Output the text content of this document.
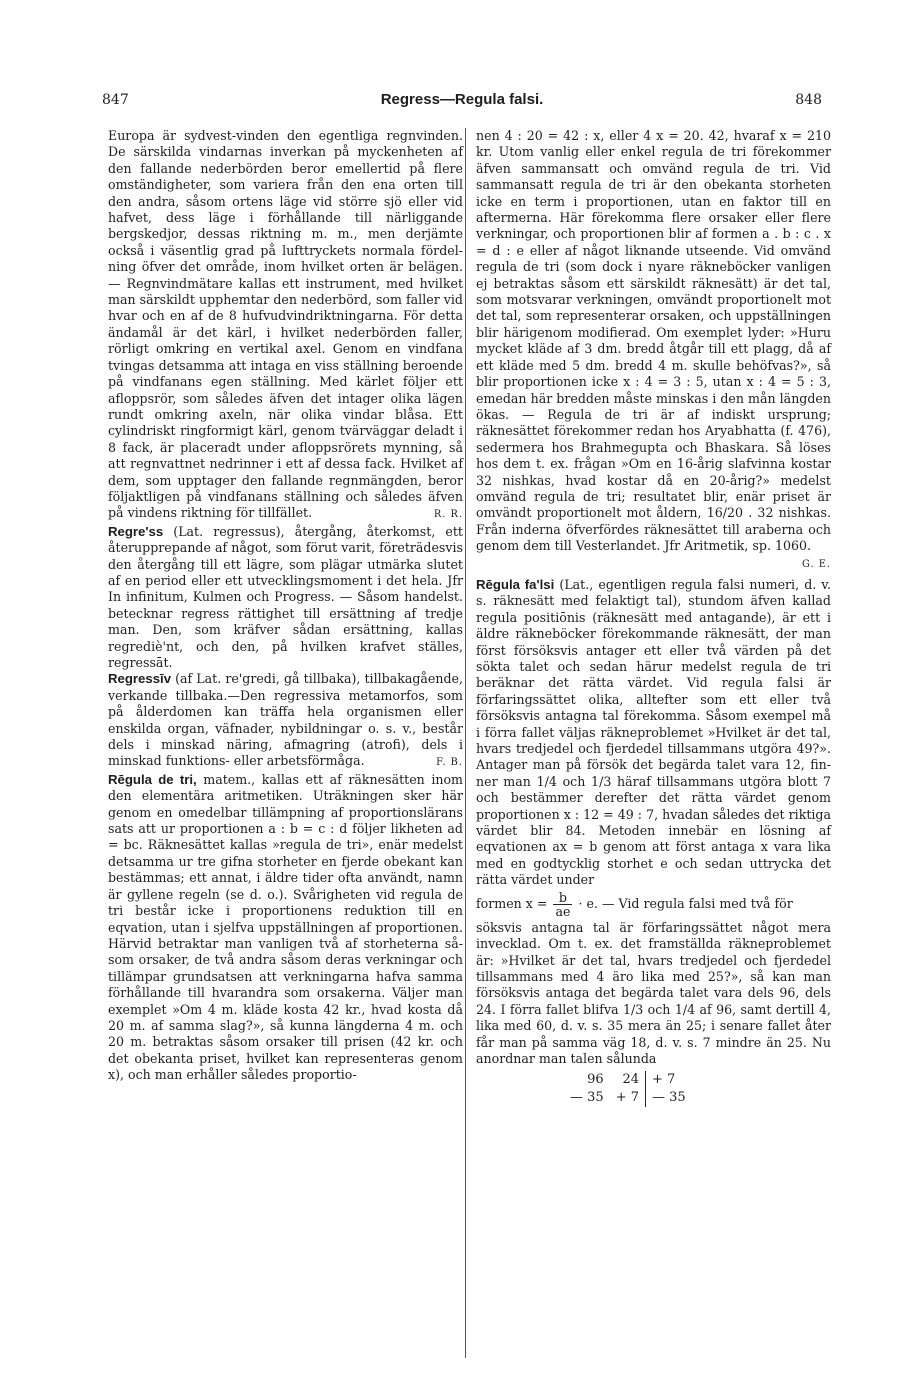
847	Regress—Regula falsi.	848

Europa är sydvest-vinden den egentliga regnvinden. De särskilda vindarnas inverkan på myckenheten af den fallande nederbörden beror emellertid på flere omständigheter, som variera från den ena orten till den andra, såsom ortens läge vid större sjö eller vid hafvet, dess läge i förhållande till närliggande bergskedjor, dessas riktning m. m., men derjämte också i väsentlig grad på lufttryckets normala fördelning öfver det område, inom hvilket orten är belägen. — Regnvindmätare kallas ett instrument, med hvilket man särskildt upphemtar den nederbörd, som faller vid hvar och en af de 8 hufvudvindriktningarna. För detta ändamål är det kärl, i hvilket nederbörden faller, rörligt omkring en vertikal axel. Genom en vindfana tvingas detsamma att intaga en viss ställning beroende på vindfanans egen ställning. Med kärlet följer ett afloppsrör, som således äfven det intager olika lägen rundt omkring axeln, när olika vindar blåsa. Ett cylindriskt ringformigt kärl, genom tvärväggar deladt i 8 fack, är placeradt under afloppsrörets mynning, så att regnvattnet nedrinner i ett af dessa fack. Hvilket af dem, som upptager den fallande regnmängden, beror följaktligen på vindfanans ställning och således äfven på vindens riktning för tillfället.	R. R.

Regre'ss (Lat. regressus), återgång, återkomst, ett återupprepande af något, som förut varit, företrädesvis den återgång till ett lägre, som plägar utmärka slutet af en period eller ett utvecklingsmoment i det hela. Jfr In infinitum, Kulmen och Progress. — Såsom handelst. betecknar regress rättighet till ersättning af tredje man. Den, som kräfver sådan ersättning, kallas regrediè'nt, och den, på hvilken krafvet ställes, regressāt.

Regressīv (af Lat. re'gredi, gå tillbaka), tillbakagående, verkande tillbaka.—Den regressiva metamorfos, som på ålderdomen kan träffa hela organismen eller enskilda organ, väfnader, nybildningar o. s. v., består dels i minskad näring, afmagring (atrofi), dels i minskad funktions- eller arbetsförmåga.	F. B.

Rēgula de tri, matem., kallas ett af räknesätten inom den elementära aritmetiken. Uträkningen sker här genom en omedelbar tillämpning af proportionslärans sats att ur proportionen a : b = c : d följer likheten ad = bc. Räknesättet kallas »regula de tri», enär medelst detsamma ur tre gifna storheter en fjerde obekant kan bestämmas; ett annat, i äldre tider ofta användt, namn är gyllene regeln (se d. o.). Svårigheten vid regula de tri består icke i proportionens reduktion till en eqvation, utan i sjelfva uppställningen af proportionen. Härvid betraktar man vanligen två af storheterna såsom orsaker, de två andra såsom deras verkningar och tillämpar grundsatsen att verkningarna hafva samma förhållande till hvarandra som orsakerna. Väljer man exemplet »Om 4 m. kläde kosta 42 kr., hvad kosta då 20 m. af samma slag?», så kunna längderna 4 m. och 20 m. betraktas såsom orsaker till prisen (42 kr. och det obekanta priset, hvilket kan representeras genom x), och man erhåller således proportio-

nen 4 : 20 = 42 : x, eller 4 x = 20. 42, hvaraf x = 210 kr. Utom vanlig eller enkel regula de tri förekommer äfven sammansatt och omvänd regula de tri. Vid sammansatt regula de tri är den obekanta storheten icke en term i proportionen, utan en faktor till en aftermerna. Här förekomma flere orsaker eller flere verkningar, och proportionen blir af formen a . b : c . x = d : e eller af något liknande utseende. Vid omvänd regula de tri (som dock i nyare räkneböcker vanligen ej betraktas såsom ett särskildt räknesätt) är det tal, som motsvarar verkningen, omvändt proportionelt mot det tal, som representerar orsaken, och uppställningen blir härigenom modifierad. Om exemplet lyder: »Huru mycket kläde af 3 dm. bredd åtgår till ett plagg, då af ett kläde med 5 dm. bredd 4 m. skulle behöfvas?», så blir proportionen icke x : 4 = 3 : 5, utan x : 4 = 5 : 3, emedan här bredden måste minskas i den mån längden ökas. — Regula de tri är af indiskt ursprung; räknesättet förekommer redan hos Aryabhatta (f. 476), sedermera hos Brahmegupta och Bhaskara. Så löses hos dem t. ex. frågan »Om en 16-årig slafvinna kostar 32 nishkas, hvad kostar då en 20-årig?» medelst omvänd regula de tri; resultatet blir, enär priset är omvändt proportionelt mot åldern, 16/20 . 32 nishkas. Från inderna öfverfördes räknesättet till araberna och genom dem till Vesterlandet. Jfr Aritmetik, sp. 1060.
G. E.

Rēgula fa'lsi (Lat., egentligen regula falsi numeri, d. v. s. räknesätt med felaktigt tal), stundom äfven kallad regula positiōnis (räknesätt med antagande), är ett i äldre räkneböcker förekommande räknesätt, der man först försöksvis antager ett eller två värden på det sökta talet och sedan härur medelst regula de tri beräknar det rätta värdet. Vid regula falsi är förfaringssättet olika, alltefter som ett eller två försöksvis antagna tal förekomma. Såsom exempel må i förra fallet väljas räkneproblemet »Hvilket är det tal, hvars tredjedel och fjerdedel tillsammans utgöra 49?». Antager man på försök det begärda talet vara 12, finner man 1/4 och 1/3 häraf tillsammans utgöra blott 7 och bestämmer derefter det rätta värdet genom proportionen x : 12 = 49 : 7, hvadan således det riktiga värdet blir 84. Metoden innebär en lösning af eqvationen ax = b genom att först antaga x vara lika med en godtycklig storhet e och sedan uttrycka det rätta värdet under

formen $x = \frac{b}{ae} \cdot e$. — Vid regula falsi med två för

söksvis antagna tal är förfaringssättet något mera invecklad. Om t. ex. det framställda räkneproblemet är: »Hvilket är det tal, hvars tredjedel och fjerdedel tillsammans med 4 äro lika med 25?», så kan man försöksvis antaga det begärda talet vara dels 96, dels 24. I förra fallet blifva 1/3 och 1/4 af 96, samt dertill 4, lika med 60, d. v. s. 35 mera än 25; i senare fallet åter får man på samma väg 18, d. v. s. 7 mindre än 25. Nu anordnar man talen sålunda

96	24	+ 7
— 35	+ 7	— 35
